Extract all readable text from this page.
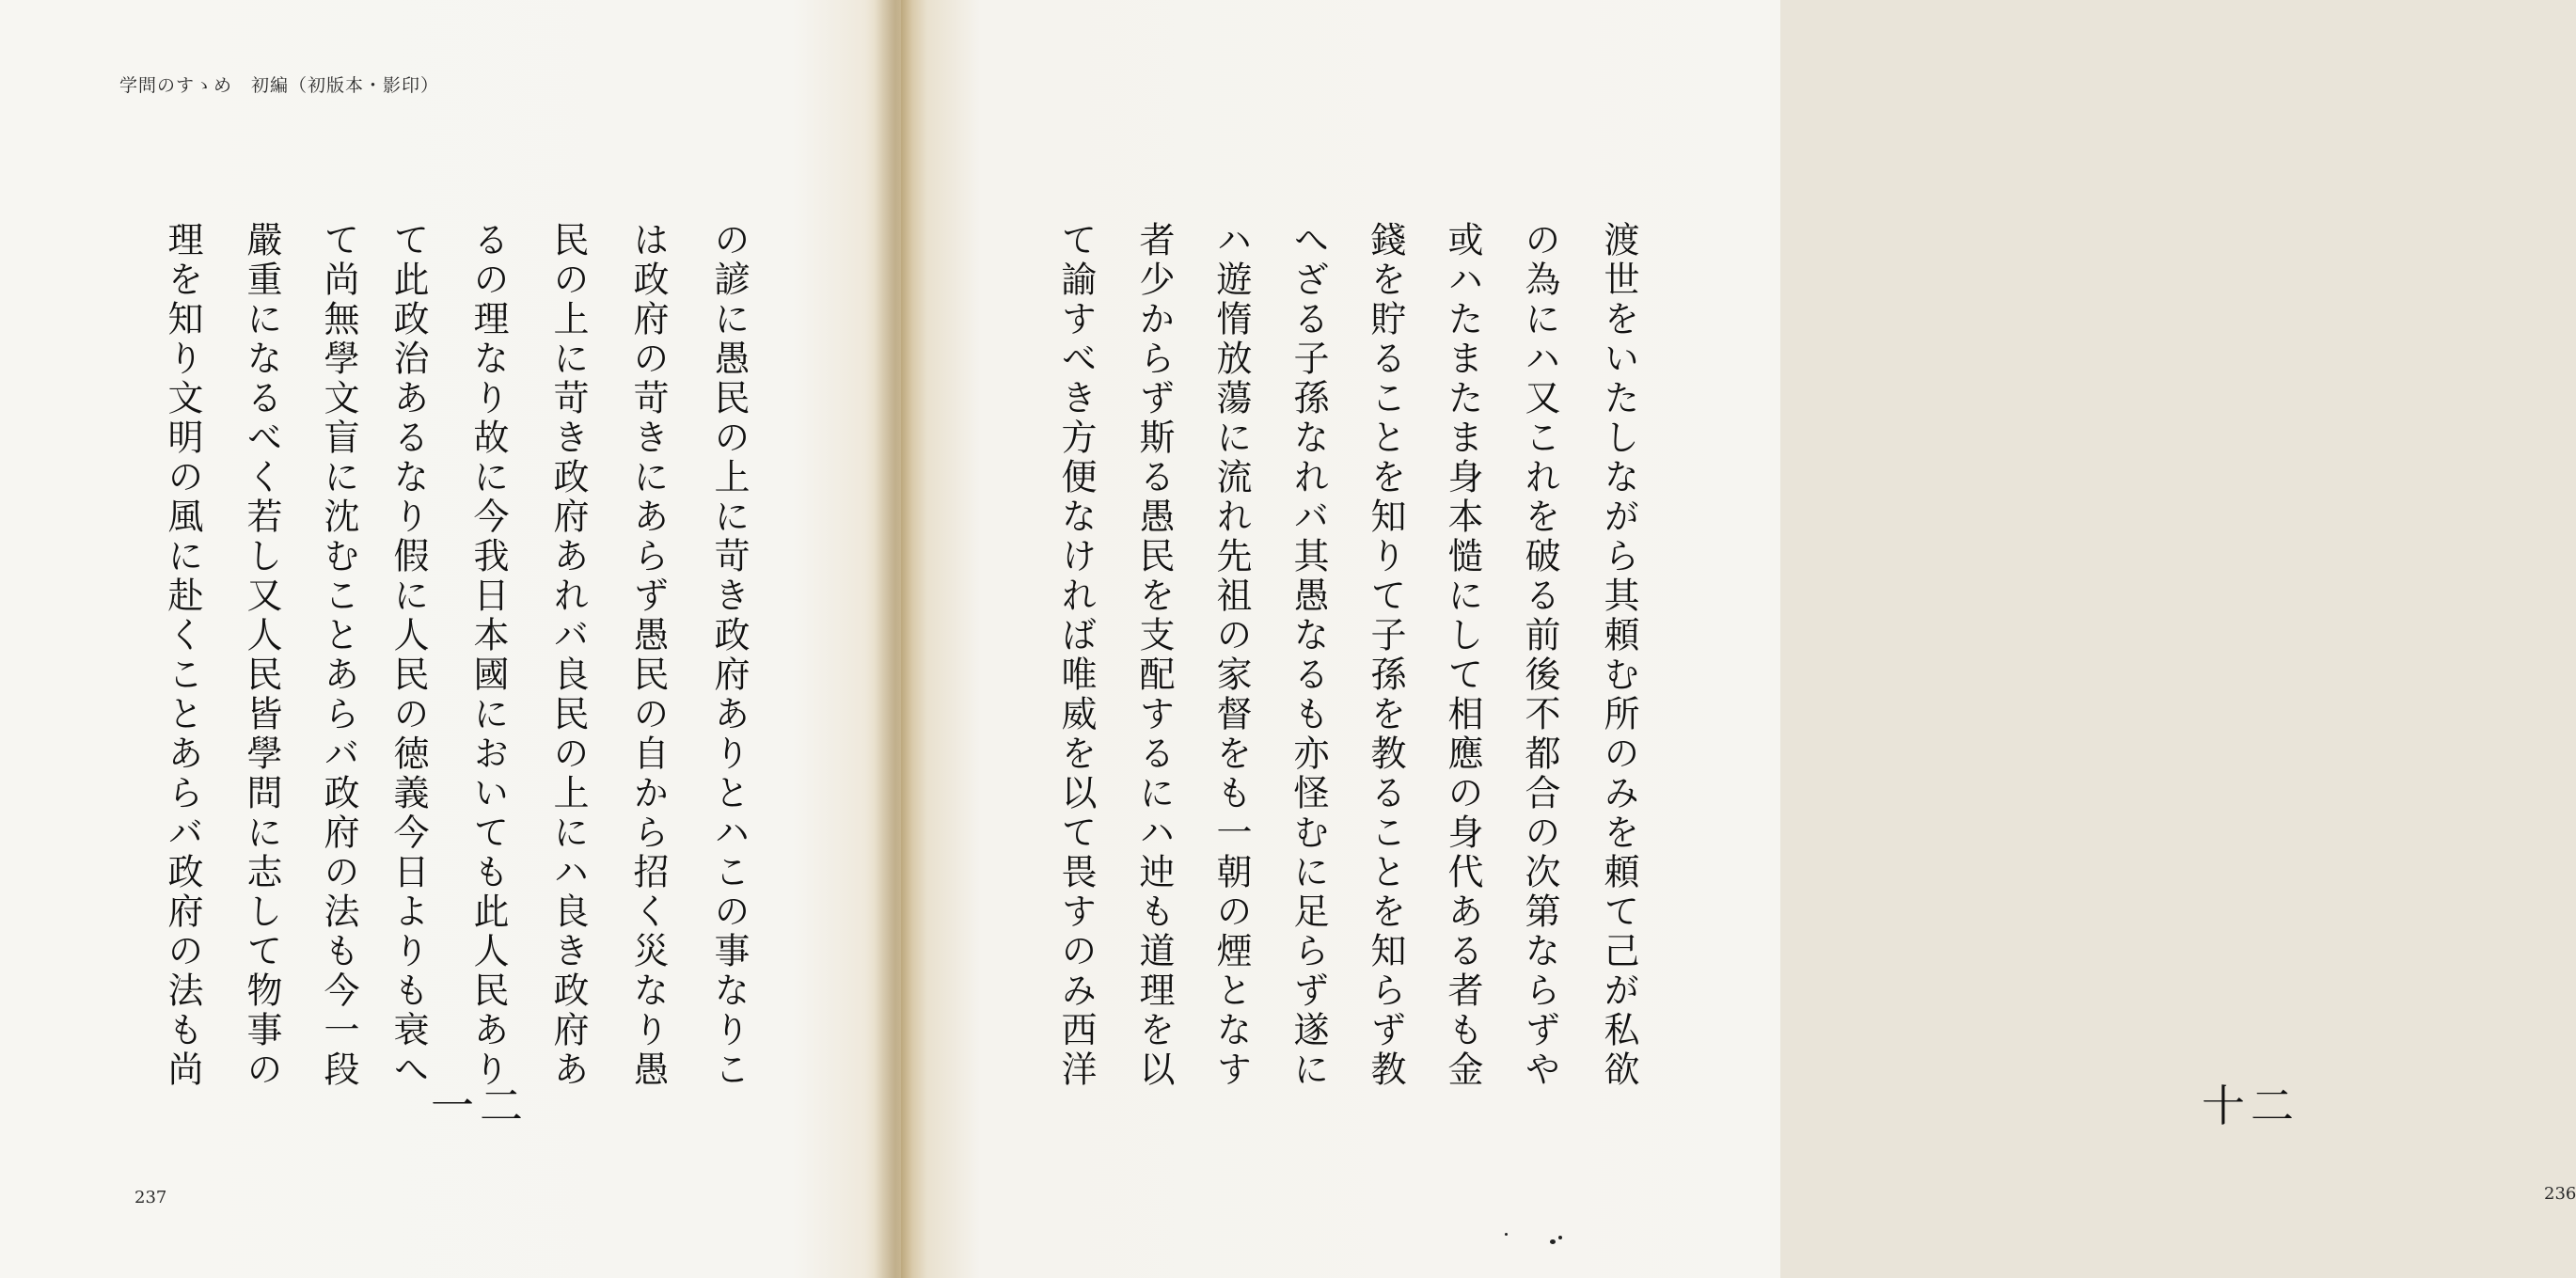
学問のすゝめ　初編（初版本・影印）
の諺に愚民の上に苛き政府ありとハこの事なりこ
は政府の苛きにあらず愚民の自から招く災なり愚
民の上に苛き政府あれバ良民の上にハ良き政府あ
るの理なり故に今我日本國においても此人民あり
て此政治あるなり假に人民の徳義今日よりも衰へ
て尚無學文盲に沈むことあらバ政府の法も今一段
嚴重になるべく若し又人民皆學問に志して物事の
理を知り文明の風に赴くことあらバ政府の法も尚
一二
237
渡世をいたしながら其頼む所のみを頼て己が私欲
の為にハ又これを破る前後不都合の次第ならずや
或ハたまたま身本慥にして相應の身代ある者も金
錢を貯ることを知りて子孫を教ることを知らず教
へざる子孫なれバ其愚なるも亦怪むに足らず遂に
ハ遊惰放蕩に流れ先祖の家督をも一朝の煙となす
者少からず斯る愚民を支配するにハ迚も道理を以
て諭すべき方便なければ唯威を以て畏すのみ西洋
十二
236
